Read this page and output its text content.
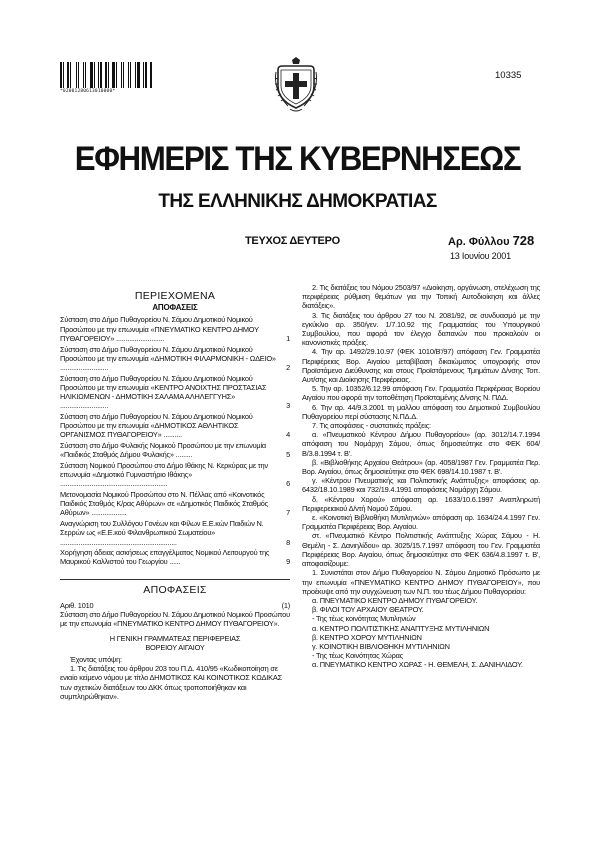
*02001280613010000*
10335
ΕΦΗΜΕΡΙΣ ΤΗΣ ΚΥΒΕΡΝΗΣΕΩΣ
ΤΗΣ ΕΛΛΗΝΙΚΗΣ ΔΗΜΟΚΡΑΤΙΑΣ
ΤΕΥΧΟΣ ΔΕΥΤΕΡΟ	Αρ. Φύλλου 728
13 Ιουνίου 2001
ΠΕΡΙΕΧΟΜΕΝΑ
ΑΠΟΦΑΣΕΙΣ
Σύσταση στο Δήμο Πυθαγορείου Ν. Σάμου Δημοτικού Νομικού Προσώπου με την επωνυμία «ΠΝΕΥΜΑΤΙΚΟ ΚΕΝΤΡΟ ΔΗΜΟΥ ΠΥΘΑΓΟΡΕΙΟΥ» ..........................	1
Σύσταση στο Δήμο Πυθαγορείου Ν. Σάμου Δημοτικού Νομικού Προσώπου με την επωνυμία «ΔΗΜΟΤΙΚΗ ΦΙΛΑΡΜΟΝΙΚΗ - ΩΔΕΙΟ» ..........................	2
Σύσταση στο Δήμο Πυθαγορείου Ν. Σάμου Δημοτικού Νομικού Προσώπου με την επωνυμία «ΚΕΝΤΡΟ ΑΝΟΙΧΤΗΣ ΠΡΟΣΤΑΣΙΑΣ ΗΛΙΚΙΩΜΕΝΩΝ - ΔΗΜΟΤΙΚΗ ΣΑΛΑΜΑ ΑΛΗΛΕΓΓΥΗΣ» ..........................	3
Σύσταση στο Δήμο Πυθαγορείου Ν. Σάμου Δημοτικού Νομικού Προσώπου με την επωνυμία «ΔΗΜΟΤΙΚΟΣ ΑΘΛΗΤΙΚΟΣ ΟΡΓΑΝΙΣΜΟΣ ΠΥΘΑΓΟΡΕΙΟΥ» ..........	4
Σύσταση στο Δήμο Φυλακής Νομικού Προσώπου με την επωνυμία «Παιδικός Σταθμός Δήμου Φυλακής» .........	5
Σύσταση Νομικού Προσώπου στο Δήμο Ιθάκης Ν. Κερκύρας με την επωνυμία «Δημοτικό Γυμναστήριο Ιθάκης» ..........................................................	6
Μετονομασία Νομικού Προσώπου στο Ν. Πέλλας από «Κοινοτικός Παιδικός Σταθμός Κ/ρας Αθύρων» σε «Δημοτικός Παιδικός Σταθμός Αθύρων» ...................	7
Αναγνώριση του Συλλόγου Γονέων και Φίλων Ε.Ε.κών Παιδιών Ν. Σερρών ως «Ε.Ε.κού Φιλανθρωπικού Σωματείου» ...............................................................	8
Χορήγηση άδειας ασκήσεως επαγγέλματος Νομικού Λειτουργού της Μαυρικού Καλλιστού του Γεωργίου ......	9
ΑΠΟΦΑΣΕΙΣ
Αριθ. 1010	(1)
Σύσταση στο Δήμο Πυθαγορείου Ν. Σάμου Δημοτικού Νομικού Προσώπου με την επωνυμία «ΠΝΕΥΜΑΤΙΚΟ ΚΕΝΤΡΟ ΔΗΜΟΥ ΠΥΘΑΓΟΡΕΙΟΥ».
Η ΓΕΝΙΚΗ ΓΡΑΜΜΑΤΕΑΣ ΠΕΡΙΦΕΡΕΙΑΣ
ΒΟΡΕΙΟΥ ΑΙΓΑΙΟΥ
Έχοντας υπόψη:
1. Τις διατάξεις του άρθρου 203 του Π.Δ. 410/95 «Κωδικοποίηση σε ενιαίο κείμενο νόμου με τίτλο ΔΗΜΟΤΙΚΟΣ ΚΑΙ ΚΟΙΝΟΤΙΚΟΣ ΚΩΔΙΚΑΣ των σχετικών διατάξεων του ΔΚΚ όπως τροποποιήθηκαν και συμπληρώθηκαν».
2. Τις διατάξεις του Νόμου 2503/97 «Διοίκηση, οργάνωση, στελέχωση της περιφέρειας ρύθμιση θεμάτων για την Τοπική Αυτοδιοίκηση και άλλες διατάξεις».
3. Τις διατάξεις του άρθρου 27 του Ν. 2081/92, σε συνδυασμό με την εγκύκλιο αρ. 350/γεν. 1/7.10.92 της Γραμματείας του Υπουργικού Συμβουλίου, που αφορά τον έλεγχο δαπανών που προκαλούν οι κανονιστικές πράξεις.
4. Την αρ. 1492/29.10.97 (ΦΕΚ 1010/Β'/97) απόφαση Γεν. Γραμματέα Περιφέρειας Βορ. Αιγαίου μεταβίβαση δικαιώματος υπογραφής στον Προϊστάμενο Διεύθυνσης και στους Προϊστάμενους Τμημάτων Δ/νσης Τοπ. Αυτ/σης και Διοίκησης Περιφέρειας.
5. Την αρ. 10352/6.12.99 απόφαση Γεν. Γραμματέα Περιφέρειας Βορείου Αιγαίου που αφορά την τοποθέτηση Προϊσταμένης Δ/νσης Ν. ΠΔΔ.
6. Την αρ. 44/9.3.2001 τη μαλλου απόφαση του Δημοτικού Συμβουλίου Πυθαγορείου περί σύστασης Ν.ΠΔ.Δ.
7. Τις αποφάσεις - συστατικές πράξεις:
α. «Πνευματικού Κέντρου Δήμου Πυθαγορείου» (αρ. 3012/14.7.1994 απόφαση του Νομάρχη Σάμου, όπως δημοσιεύτηκε στο ΦΕΚ 604/Β/3.8.1994 τ. Β'.
β. «Βιβλιοθήκης Αρχαίου Θεάτρου» (αρ. 4058/1987 Γεν. Γραμματέα Περ. Βορ. Αιγαίου, όπως δημοσιεύτηκε στο ΦΕΚ 698/14.10.1987 τ. Β'.
γ. «Κέντρου Πνευματικής και Πολιτιστικής Ανάπτυξης» αποφάσεις αρ. 6432/18.10.1989 και 732/19.4.1991 αποφάσεις Νομάρχη Σάμου.
δ. «Κέντρου Χορού» απόφαση αρ. 1633/10.6.1997 Αναπληρωτή Περιφερειακού Δ/ντή Νομού Σάμου.
ε. «Κοινοτική Βιβλιοθήκη Μυτιληνιών» απόφαση αρ. 1634/24.4.1997 Γεν. Γραμματέα Περιφέρειας Βορ. Αιγαίου.
στ. «Πνευματικό Κέντρο Πολιτιστικής Ανάπτυξης Χώρας Σάμου - Η. Θεμέλη - Σ. Δανιηλίδου» αρ. 3025/15.7.1997 απόφαση του Γεν. Γραμματέα Περιφέρειας Βορ. Αιγαίου, όπως δημοσιεύτηκε στο ΦΕΚ 636/4.8.1997 τ. Β', αποφασίζουμε:
1. Συνιστάται στον Δήμο Πυθαγορείου Ν. Σάμου Δημοτικό Πρόσωπο με την επωνυμία «ΠΝΕΥΜΑΤΙΚΟ ΚΕΝΤΡΟ ΔΗΜΟΥ ΠΥΘΑΓΟΡΕΙΟΥ», που προέκυψε από την συγχώνευση των Ν.Π. του τέως Δήμου Πυθαγορείου:
α. ΠΝΕΥΜΑΤΙΚΟ ΚΕΝΤΡΟ ΔΗΜΟΥ ΠΥΘΑΓΟΡΕΙΟΥ.
β. ΦΙΛΟΙ ΤΟΥ ΑΡΧΑΙΟΥ ΘΕΑΤΡΟΥ.
- Της τέως κοινότητας Μυτιληνιών
α. ΚΕΝΤΡΟ ΠΟΛΙΤΙΣΤΙΚΗΣ ΑΝΑΠΤΥΞΗΣ ΜΥΤΙΛΗΝΙΩΝ
β. ΚΕΝΤΡΟ ΧΟΡΟΥ ΜΥΤΙΛΗΝΙΩΝ
γ. ΚΟΙΝΟΤΙΚΗ ΒΙΒΛΙΟΘΗΚΗ ΜΥΤΙΛΗΝΙΩΝ
- Της τέως Κοινότητας Χώρας
α. ΠΝΕΥΜΑΤΙΚΟ ΚΕΝΤΡΟ ΧΩΡΑΣ - Η. ΘΕΜΕΛΗ, Σ. ΔΑΝΙΗΛΙΔΟΥ.
